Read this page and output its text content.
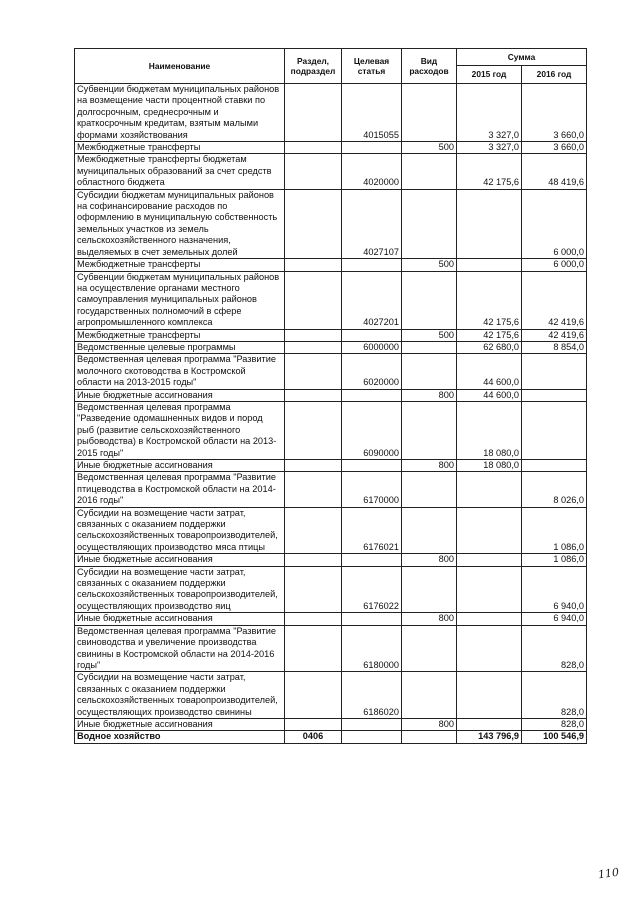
Наименование	Раздел, подраздел	Целевая статья	Вид расходов	Сумма	
				2015 год	2016 год
Субвенции бюджетам муниципальных районов на возмещение части процентной ставки по долгосрочным, среднесрочным и краткосрочным кредитам, взятым малыми формами хозяйствования		4015055		3 327,0	3 660,0
Межбюджетные трансферты			500	3 327,0	3 660,0
Межбюджетные трансферты бюджетам муниципальных образований за счет средств областного бюджета		4020000		42 175,6	48 419,6
Субсидии бюджетам муниципальных районов на софинансирование расходов по оформлению в муниципальную собственность земельных участков из земель сельскохозяйственного назначения, выделяемых в счет земельных долей		4027107			6 000,0
Межбюджетные трансферты			500		6 000,0
Субвенции бюджетам муниципальных районов на осуществление органами местного самоуправления муниципальных районов государственных полномочий в сфере агропромышленного комплекса		4027201		42 175,6	42 419,6
Межбюджетные трансферты			500	42 175,6	42 419,6
Ведомственные целевые программы		6000000		62 680,0	8 854,0
Ведомственная целевая программа "Развитие молочного скотоводства в Костромской области на 2013-2015 годы"		6020000		44 600,0	
Иные бюджетные ассигнования			800	44 600,0	
Ведомственная целевая программа "Разведение одомашненных видов и пород рыб (развитие сельскохозяйственного рыбоводства) в Костромской области на 2013-2015 годы"		6090000		18 080,0	
Иные бюджетные ассигнования			800	18 080,0	
Ведомственная целевая программа "Развитие птицеводства в Костромской области на 2014-2016 годы"		6170000			8 026,0
Субсидии на возмещение части затрат, связанных с оказанием поддержки сельскохозяйственных товаропроизводителей, осуществляющих производство мяса птицы		6176021			1 086,0
Иные бюджетные ассигнования			800		1 086,0
Субсидии на возмещение части затрат, связанных с оказанием поддержки сельскохозяйственных товаропроизводителей, осуществляющих производство яиц		6176022			6 940,0
Иные бюджетные ассигнования			800		6 940,0
Ведомственная целевая программа "Развитие свиноводства и увеличение производства свинины в Костромской области на 2014-2016 годы"		6180000			828,0
Субсидии на возмещение части затрат, связанных с оказанием поддержки сельскохозяйственных товаропроизводителей, осуществляющих производство свинины		6186020			828,0
Иные бюджетные ассигнования			800		828,0
Водное хозяйство	0406			143 796,9	100 546,9
110
